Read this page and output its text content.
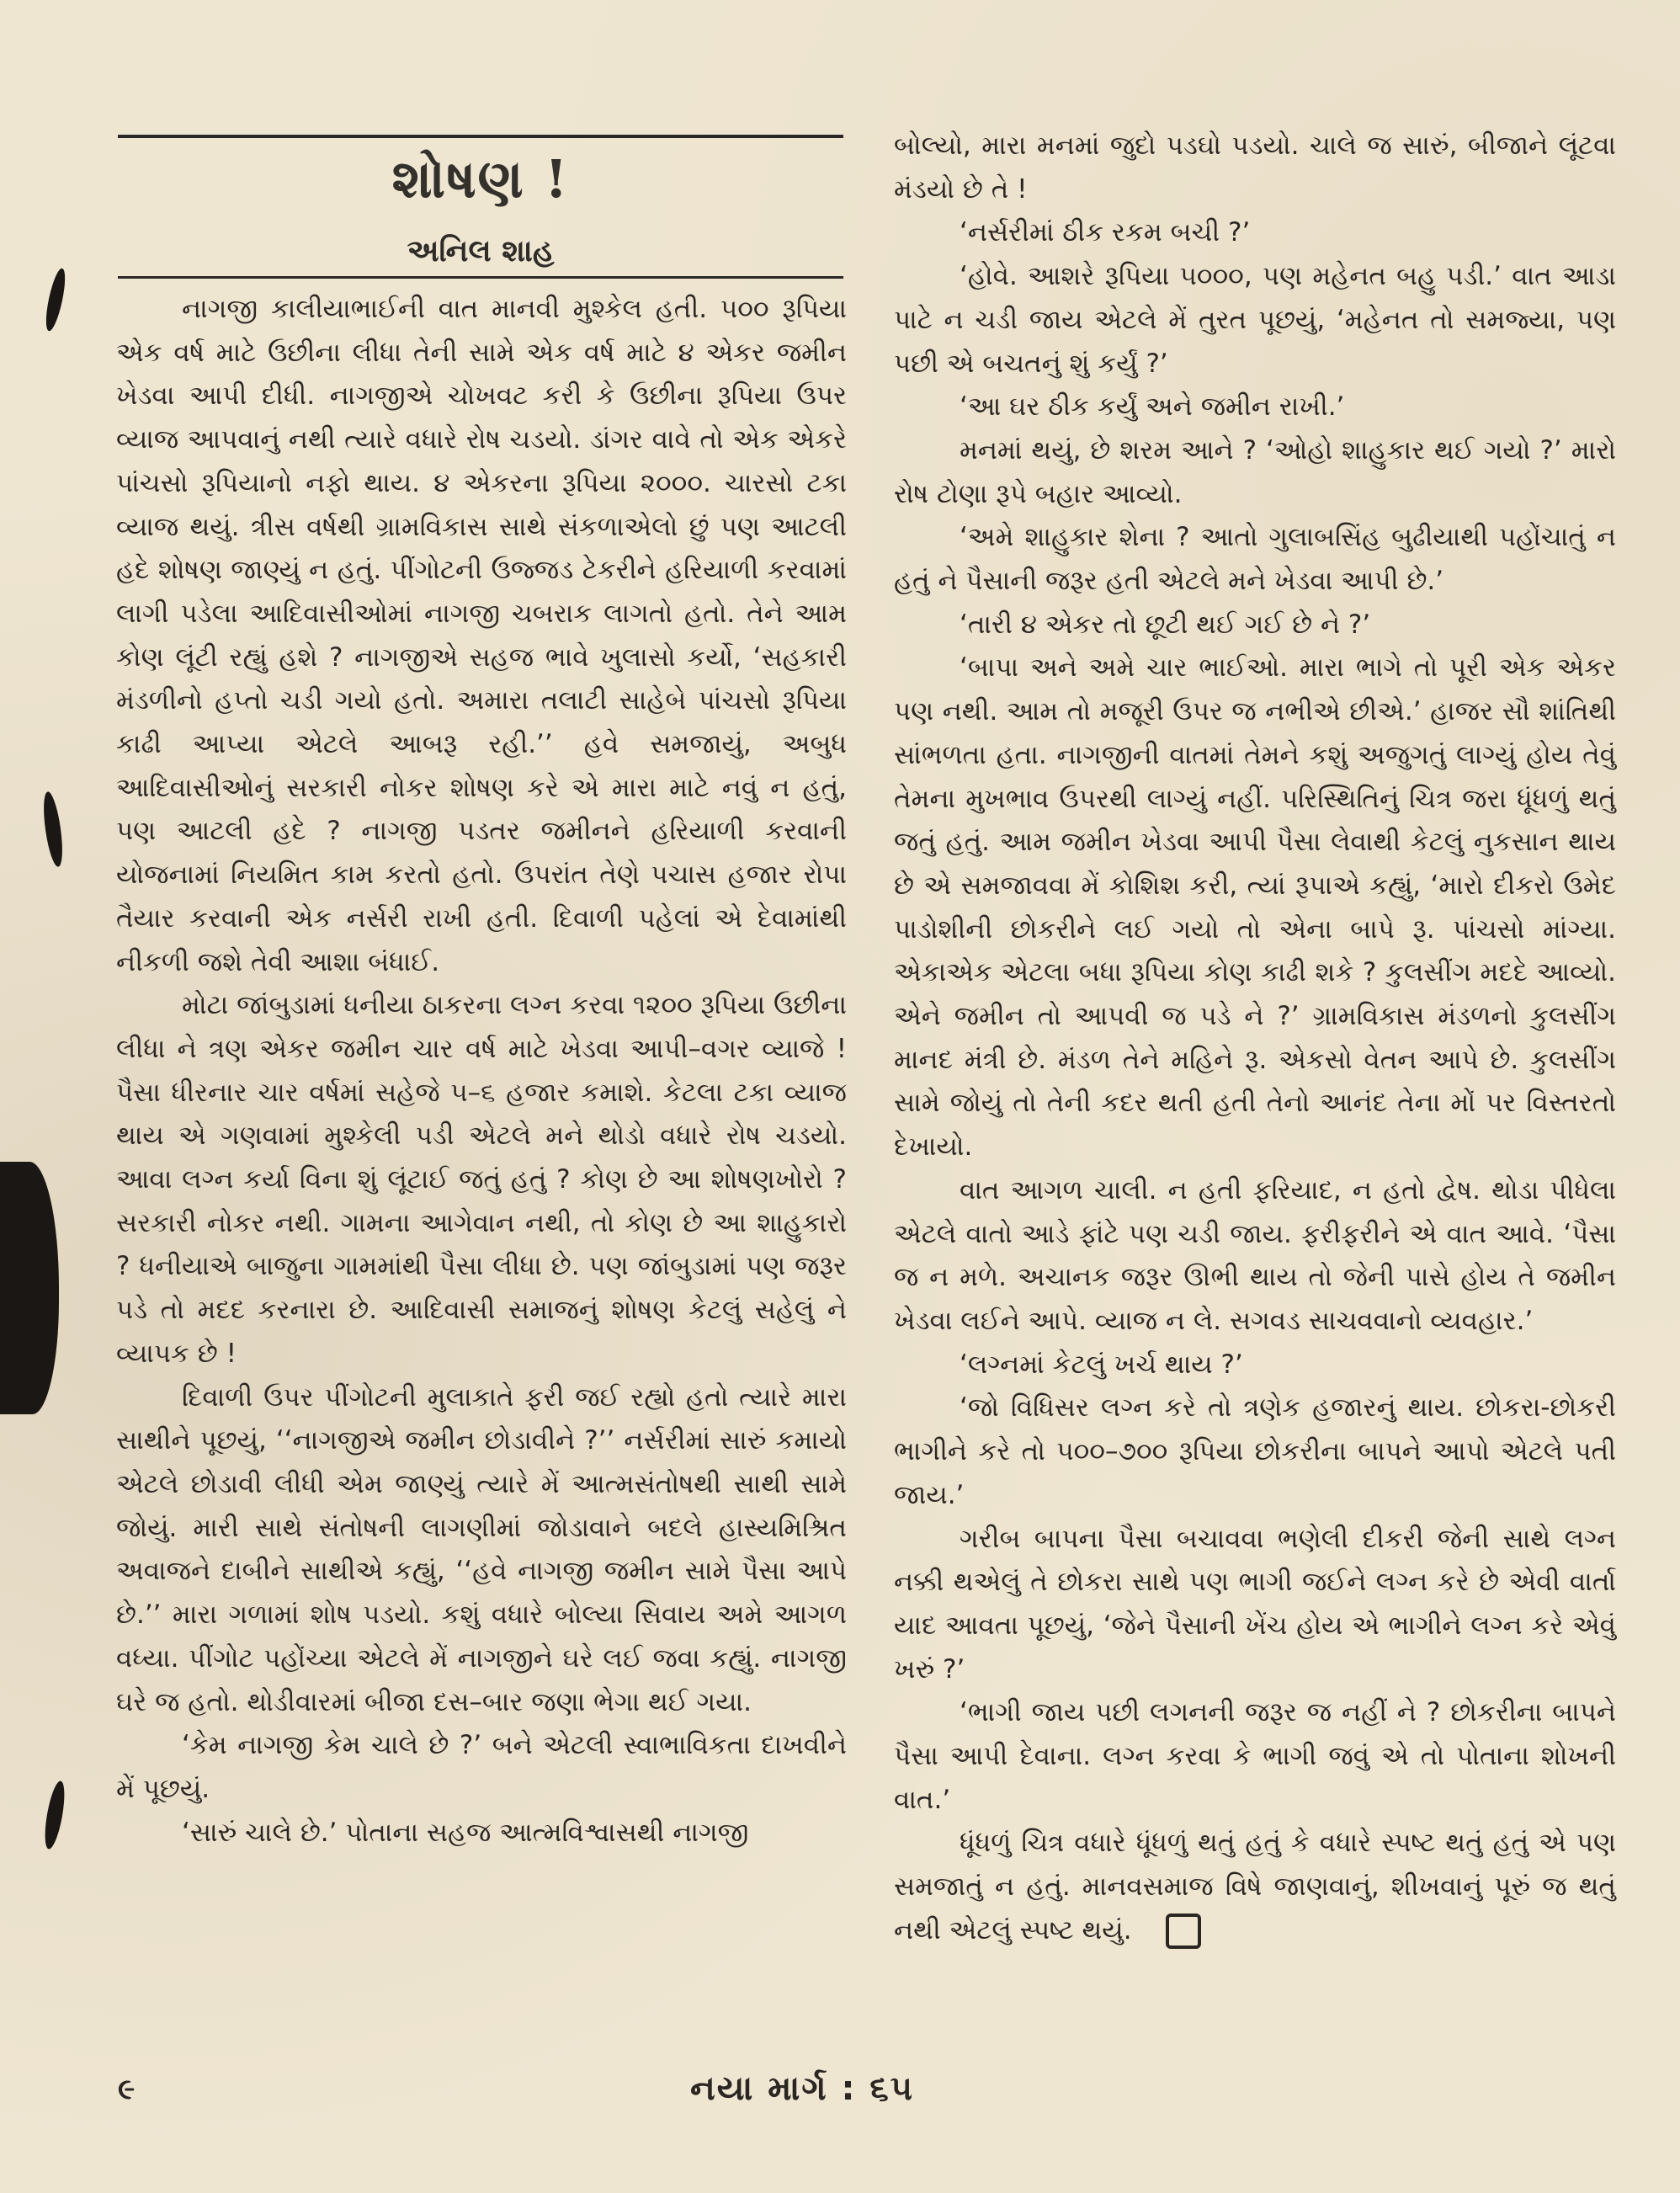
શોષણ !
અનિલ શાહ

નાગજી કાલીયાભાઈની વાત માનવી મુશ્કેલ હતી. ૫૦૦ રૂપિયા એક વર્ષ માટે ઉછીના લીધા તેની સામે એક વર્ષ માટે ૪ એકર જમીન ખેડવા આપી દીધી. નાગજીએ ચોખવટ કરી કે ઉછીના રૂપિયા ઉપર વ્યાજ આપવાનું નથી ત્યારે વધારે રોષ ચડયો. ડાંગર વાવે તો એક એકરે પાંચસો રૂપિયાનો નફો થાય. ૪ એકરના રૂપિયા ૨૦૦૦. ચારસો ટકા વ્યાજ થયું. ત્રીસ વર્ષથી ગ્રામવિકાસ સાથે સંકળાએલો છું પણ આટલી હદે શોષણ જાણ્યું ન હતું. પીંગોટની ઉજ્જડ ટેકરીને હરિયાળી કરવામાં લાગી પડેલા આદિવાસીઓમાં નાગજી ચબરાક લાગતો હતો. તેને આમ કોણ લૂંટી રહ્યું હશે ? નાગજીએ સહજ ભાવે ખુલાસો કર્યો, ‘સહકારી મંડળીનો હપ્તો ચડી ગયો હતો. અમારા તલાટી સાહેબે પાંચસો રૂપિયા કાઢી આપ્યા એટલે આબરૂ રહી.’’ હવે સમજાયું, અબુધ આદિવાસીઓનું સરકારી નોકર શોષણ કરે એ મારા માટે નવું ન હતું, પણ આટલી હદે ? નાગજી પડતર જમીનને હરિયાળી કરવાની યોજનામાં નિયમિત કામ કરતો હતો. ઉપરાંત તેણે પચાસ હજાર રોપા તૈયાર કરવાની એક નર્સરી રાખી હતી. દિવાળી પહેલાં એ દેવામાંથી નીકળી જશે તેવી આશા બંધાઈ.

મોટા જાંબુડામાં ધનીયા ઠાકરના લગ્ન કરવા ૧૨૦૦ રૂપિયા ઉછીના લીધા ને ત્રણ એકર જમીન ચાર વર્ષ માટે ખેડવા આપી–વગર વ્યાજે ! પૈસા ધીરનાર ચાર વર્ષમાં સહેજે ૫–૬ હજાર કમાશે. કેટલા ટકા વ્યાજ થાય એ ગણવામાં મુશ્કેલી પડી એટલે મને થોડો વધારે રોષ ચડયો. આવા લગ્ન કર્યા વિના શું લૂંટાઈ જતું હતું ? કોણ છે આ શોષણખોરો ? સરકારી નોકર નથી. ગામના આગેવાન નથી, તો કોણ છે આ શાહુકારો ? ધનીયાએ બાજુના ગામમાંથી પૈસા લીધા છે. પણ જાંબુડામાં પણ જરૂર પડે તો મદદ કરનારા છે. આદિવાસી સમાજનું શોષણ કેટલું સહેલું ને વ્યાપક છે !

દિવાળી ઉપર પીંગોટની મુલાકાતે ફરી જઈ રહ્યો હતો ત્યારે મારા સાથીને પૂછયું, ‘‘નાગજીએ જમીન છોડાવીને ?’’ નર્સરીમાં સારું કમાયો એટલે છોડાવી લીધી એમ જાણ્યું ત્યારે મેં આત્મસંતોષથી સાથી સામે જોયું. મારી સાથે સંતોષની લાગણીમાં જોડાવાને બદલે હાસ્યમિશ્રિત અવાજને દાબીને સાથીએ કહ્યું, ‘‘હવે નાગજી જમીન સામે પૈસા આપે છે.’’ મારા ગળામાં શોષ પડયો. કશું વધારે બોલ્યા સિવાય અમે આગળ વધ્યા. પીંગોટ પહોંચ્યા એટલે મેં નાગજીને ઘરે લઈ જવા કહ્યું. નાગજી ઘરે જ હતો. થોડીવારમાં બીજા દસ–બાર જણા ભેગા થઈ ગયા.

‘કેમ નાગજી કેમ ચાલે છે ?’ બને એટલી સ્વાભાવિકતા દાખવીને મેં પૂછયું.

‘સારું ચાલે છે.’ પોતાના સહજ આત્મવિશ્વાસથી નાગજી

બોલ્યો, મારા મનમાં જુદો પડઘો પડયો. ચાલે જ સારું, બીજાને લૂંટવા મંડયો છે તે !

‘નર્સરીમાં ઠીક રકમ બચી ?’

‘હોવે. આશરે રૂપિયા ૫૦૦૦, પણ મહેનત બહુ પડી.’ વાત આડા પાટે ન ચડી જાય એટલે મેં તુરત પૂછયું, ‘મહેનત તો સમજ્યા, પણ પછી એ બચતનું શું કર્યું ?’

‘આ ઘર ઠીક કર્યું અને જમીન રાખી.’

મનમાં થયું, છે શરમ આને ? ‘ઓહો શાહુકાર થઈ ગયો ?’ મારો રોષ ટોણા રૂપે બહાર આવ્યો.

‘અમે શાહુકાર શેના ? આતો ગુલાબસિંહ બુઢીયાથી પહોંચાતું ન હતું ને પૈસાની જરૂર હતી એટલે મને ખેડવા આપી છે.’

‘તારી ૪ એકર તો છૂટી થઈ ગઈ છે ને ?’

‘બાપા અને અમે ચાર ભાઈઓ. મારા ભાગે તો પૂરી એક એકર પણ નથી. આમ તો મજૂરી ઉપર જ નભીએ છીએ.’ હાજર સૌ શાંતિથી સાંભળતા હતા. નાગજીની વાતમાં તેમને કશું અજુગતું લાગ્યું હોય તેવું તેમના મુખભાવ ઉપરથી લાગ્યું નહીં. પરિસ્થિતિનું ચિત્ર જરા ધૂંધળું થતું જતું હતું. આમ જમીન ખેડવા આપી પૈસા લેવાથી કેટલું નુકસાન થાય છે એ સમજાવવા મેં કોશિશ કરી, ત્યાં રૂપાએ કહ્યું, ‘મારો દીકરો ઉમેદ પાડોશીની છોકરીને લઈ ગયો તો એના બાપે રૂ. પાંચસો માંગ્યા. એકાએક એટલા બધા રૂપિયા કોણ કાઢી શકે ? કુલસીંગ મદદે આવ્યો. એને જમીન તો આપવી જ પડે ને ?’ ગ્રામવિકાસ મંડળનો કુલસીંગ માનદ મંત્રી છે. મંડળ તેને મહિને રૂ. એકસો વેતન આપે છે. કુલસીંગ સામે જોયું તો તેની કદર થતી હતી તેનો આનંદ તેના મોં પર વિસ્તરતો દેખાયો.

વાત આગળ ચાલી. ન હતી ફરિયાદ, ન હતો દ્વેષ. થોડા પીધેલા એટલે વાતો આડે ફાંટે પણ ચડી જાય. ફરીફરીને એ વાત આવે. ‘પૈસા જ ન મળે. અચાનક જરૂર ઊભી થાય તો જેની પાસે હોય તે જમીન ખેડવા લઈને આપે. વ્યાજ ન લે. સગવડ સાચવવાનો વ્યવહાર.’

‘લગ્નમાં કેટલું ખર્ચ થાય ?’

‘જો વિધિસર લગ્ન કરે તો ત્રણેક હજારનું થાય. છોકરા-છોકરી ભાગીને કરે તો ૫૦૦–૭૦૦ રૂપિયા છોકરીના બાપને આપો એટલે પતી જાય.’

ગરીબ બાપના પૈસા બચાવવા ભણેલી દીકરી જેની સાથે લગ્ન નક્કી થએલું તે છોકરા સાથે પણ ભાગી જઈને લગ્ન કરે છે એવી વાર્તા યાદ આવતા પૂછયું, ‘જેને પૈસાની ખેંચ હોય એ ભાગીને લગ્ન કરે એવું ખરું ?’

‘ભાગી જાય પછી લગનની જરૂર જ નહીં ને ? છોકરીના બાપને પૈસા આપી દેવાના. લગ્ન કરવા કે ભાગી જવું એ તો પોતાના શોખની વાત.’

ધૂંધળું ચિત્ર વધારે ધૂંધળું થતું હતું કે વધારે સ્પષ્ટ થતું હતું એ પણ સમજાતું ન હતું. માનવસમાજ વિષે જાણવાનું, શીખવાનું પૂરું જ થતું નથી એટલું સ્પષ્ટ થયું.

૯	નયા માર્ગ : ૬૫
